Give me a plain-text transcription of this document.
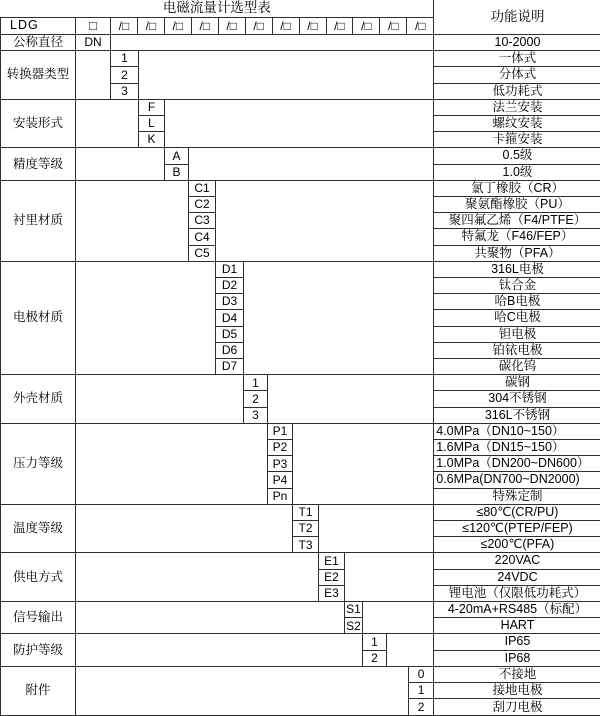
电磁流量计选型表															功能说明
LDG	□	/□	/□	/□	/□	/□	/□	/□	/□	/□	/□	/□	/□

公称直径	DN														10-2000
转换器类型		1													一体式
		2													分体式
		3													低功耗式
安装形式			F												法兰安装
			L												螺纹安装
			K												卡箍安装
精度等级				A											0.5级
				B											1.0级
衬里材质					C1										氯丁橡胶（CR）
					C2										聚氨酯橡胶（PU）
					C3										聚四氟乙烯（F4/PTFE）
					C4										特氟龙（F46/FEP）
					C5										共聚物（PFA）
电极材质						D1									316L电极
						D2									钛合金
						D3									哈B电极
						D4									哈C电极
						D5									钽电极
						D6									铂铱电极
						D7									碳化钨
外壳材质							1								碳钢
							2								304不锈钢
							3								316L不锈钢
压力等级								P1							4.0MPa（DN10~150）
								P2							1.6MPa（DN15~150）
								P3							1.0MPa（DN200~DN600）
								P4							0.6MPa(DN700~DN2000)
								Pn							特殊定制
温度等级									T1						≤80℃(CR/PU)
									T2						≤120℃(PTEP/FEP)
									T3						≤200℃(PFA)
供电方式										E1					220VAC
										E2					24VDC
										E3					锂电池（仅限低功耗式）
信号输出											S1				4-20mA+RS485（标配）
											S2				HART
防护等级												1			IP65
												2			IP68
附件														0	不接地
														1	接地电极
														2	刮刀电极
